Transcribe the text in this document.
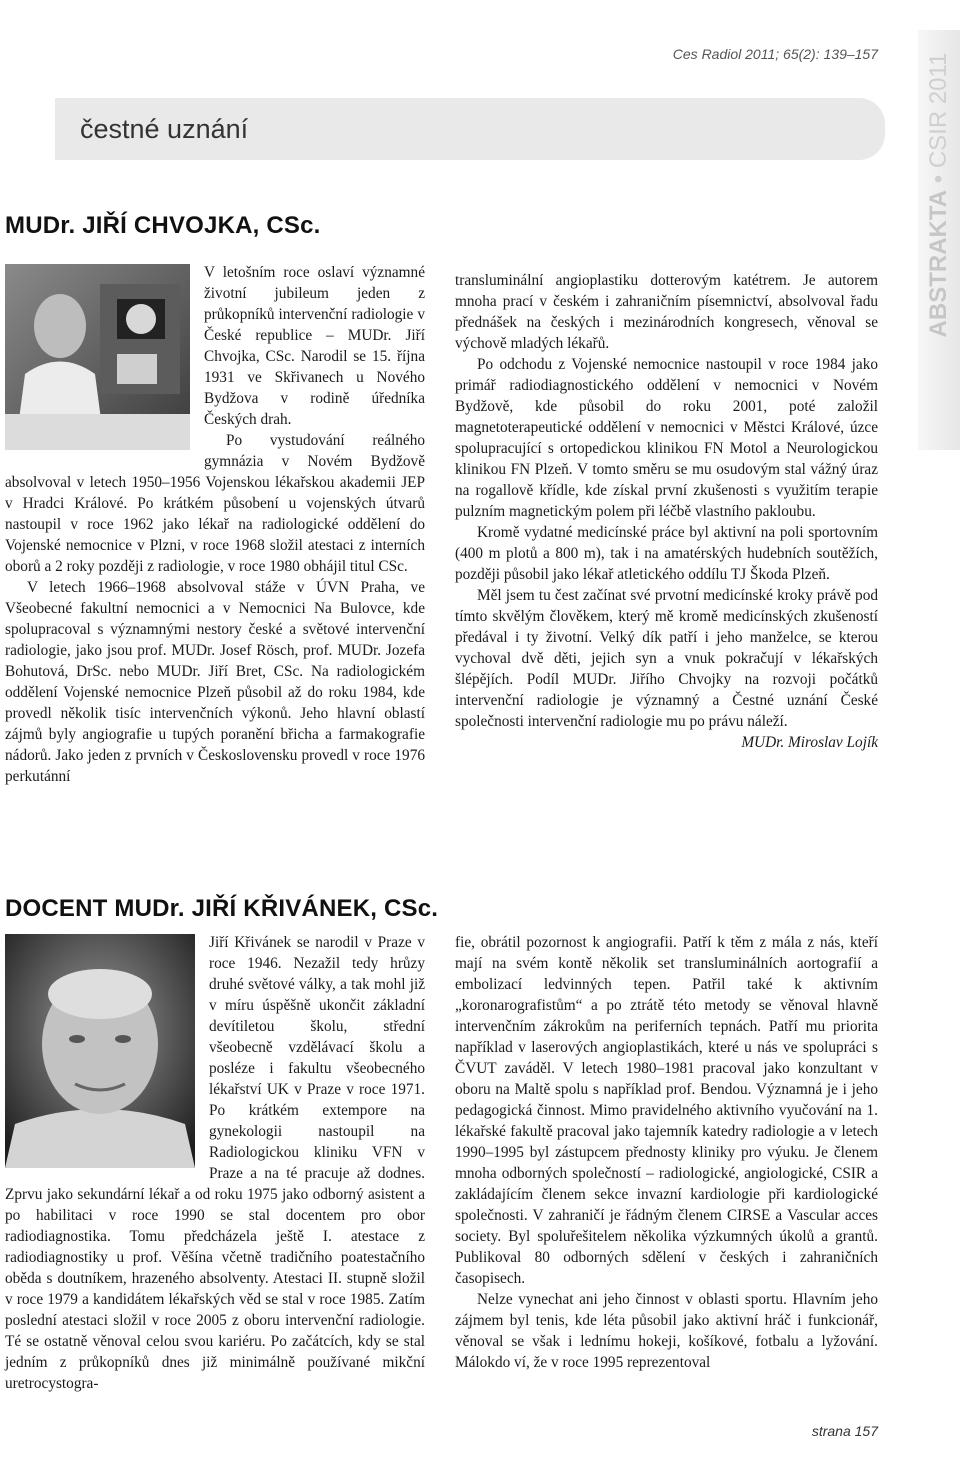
Ces Radiol 2011; 65(2): 139–157
ABSTRAKTA • CSIR 2011
čestné uznání
MUDr. JIŘÍ CHVOJKA, CSc.

V letošním roce oslaví významné životní jubileum jeden z průkopníků intervenční radiologie v České republice – MUDr. Jiří Chvojka, CSc. Narodil se 15. října 1931 ve Skřivanech u Nového Bydžova v rodině úředníka Českých drah.

Po vystudování reálného gymnázia v Novém Bydžově absolvoval v letech 1950–1956 Vojenskou lékařskou akademii JEP v Hradci Králové. Po krátkém působení u vojenských útvarů nastoupil v roce 1962 jako lékař na radiologické oddělení do Vojenské nemocnice v Plzni, v roce 1968 složil atestaci z interních oborů a 2 roky později z radiologie, v roce 1980 obhájil titul CSc.

V letech 1966–1968 absolvoval stáže v ÚVN Praha, ve Všeobecné fakultní nemocnici a v Nemocnici Na Bulovce, kde spolupracoval s významnými nestory české a světové intervenční radiologie, jako jsou prof. MUDr. Josef Rösch, prof. MUDr. Jozefa Bohutová, DrSc. nebo MUDr. Jiří Bret, CSc. Na radiologickém oddělení Vojenské nemocnice Plzeň působil až do roku 1984, kde provedl několik tisíc intervenčních výkonů. Jeho hlavní oblastí zájmů byly angiografie u tupých poranění břicha a farmakografie nádorů. Jako jeden z prvních v Československu provedl v roce 1976 perkutánní

transluminální angioplastiku dotterovým katétrem. Je autorem mnoha prací v českém i zahraničním písemnictví, absolvoval řadu přednášek na českých i mezinárodních kongresech, věnoval se výchově mladých lékařů.

Po odchodu z Vojenské nemocnice nastoupil v roce 1984 jako primář radiodiagnostického oddělení v nemocnici v Novém Bydžově, kde působil do roku 2001, poté založil magnetoterapeutické oddělení v nemocnici v Městci Králové, úzce spolupracující s ortopedickou klinikou FN Motol a Neurologickou klinikou FN Plzeň. V tomto směru se mu osudovým stal vážný úraz na rogallově křídle, kde získal první zkušenosti s využitím terapie pulzním magnetickým polem při léčbě vlastního pakloubu.

Kromě vydatné medicínské práce byl aktivní na poli sportovním (400 m plotů a 800 m), tak i na amatérských hudebních soutěžích, později působil jako lékař atletického oddílu TJ Škoda Plzeň.

Měl jsem tu čest začínat své prvotní medicínské kroky právě pod tímto skvělým člověkem, který mě kromě medicínských zkušeností předával i ty životní. Velký dík patří i jeho manželce, se kterou vychoval dvě děti, jejich syn a vnuk pokračují v lékařských šlépějích. Podíl MUDr. Jiřího Chvojky na rozvoji počátků intervenční radiologie je významný a Čestné uznání České společnosti intervenční radiologie mu po právu náleží.

MUDr. Miroslav Lojík

DOCENT MUDr. JIŘÍ KŘIVÁNEK, CSc.

Jiří Křivánek se narodil v Praze v roce 1946. Nezažil tedy hrůzy druhé světové války, a tak mohl již v míru úspěšně ukončit základní devítiletou školu, střední všeobecně vzdělávací školu a posléze i fakultu všeobecného lékařství UK v Praze v roce 1971. Po krátkém extempore na gynekologii nastoupil na Radiologickou kliniku VFN v Praze a na té pracuje až dodnes. Zprvu jako sekundární lékař a od roku 1975 jako odborný asistent a po habilitaci v roce 1990 se stal docentem pro obor radiodiagnostika. Tomu předcházela ještě I. atestace z radiodiagnostiky u prof. Věšína včetně tradičního poatestačního oběda s doutníkem, hrazeného absolventy. Atestaci II. stupně složil v roce 1979 a kandidátem lékařských věd se stal v roce 1985. Zatím poslední atestaci složil v roce 2005 z oboru intervenční radiologie. Té se ostatně věnoval celou svou kariéru. Po začátcích, kdy se stal jedním z průkopníků dnes již minimálně používané mikční uretrocystogra-

fie, obrátil pozornost k angiografii. Patří k těm z mála z nás, kteří mají na svém kontě několik set transluminálních aortografií a embolizací ledvinných tepen. Patřil také k aktivním „koronarografistům“ a po ztrátě této metody se věnoval hlavně intervenčním zákrokům na periferních tepnách. Patří mu priorita například v laserových angioplastikách, které u nás ve spolupráci s ČVUT zaváděl. V letech 1980–1981 pracoval jako konzultant v oboru na Maltě spolu s například prof. Bendou. Významná je i jeho pedagogická činnost. Mimo pravidelného aktivního vyučování na 1. lékařské fakultě pracoval jako tajemník katedry radiologie a v letech 1990–1995 byl zástupcem přednosty kliniky pro výuku. Je členem mnoha odborných společností – radiologické, angiologické, CSIR a zakládajícím členem sekce invazní kardiologie při kardiologické společnosti. V zahraničí je řádným členem CIRSE a Vascular acces society. Byl spoluřešitelem několika výzkumných úkolů a grantů. Publikoval 80 odborných sdělení v českých i zahraničních časopisech.

Nelze vynechat ani jeho činnost v oblasti sportu. Hlavním jeho zájmem byl tenis, kde léta působil jako aktivní hráč i funkcionář, věnoval se však i lednímu hokeji, košíkové, fotbalu a lyžování. Málokdo ví, že v roce 1995 reprezentoval

strana 157
